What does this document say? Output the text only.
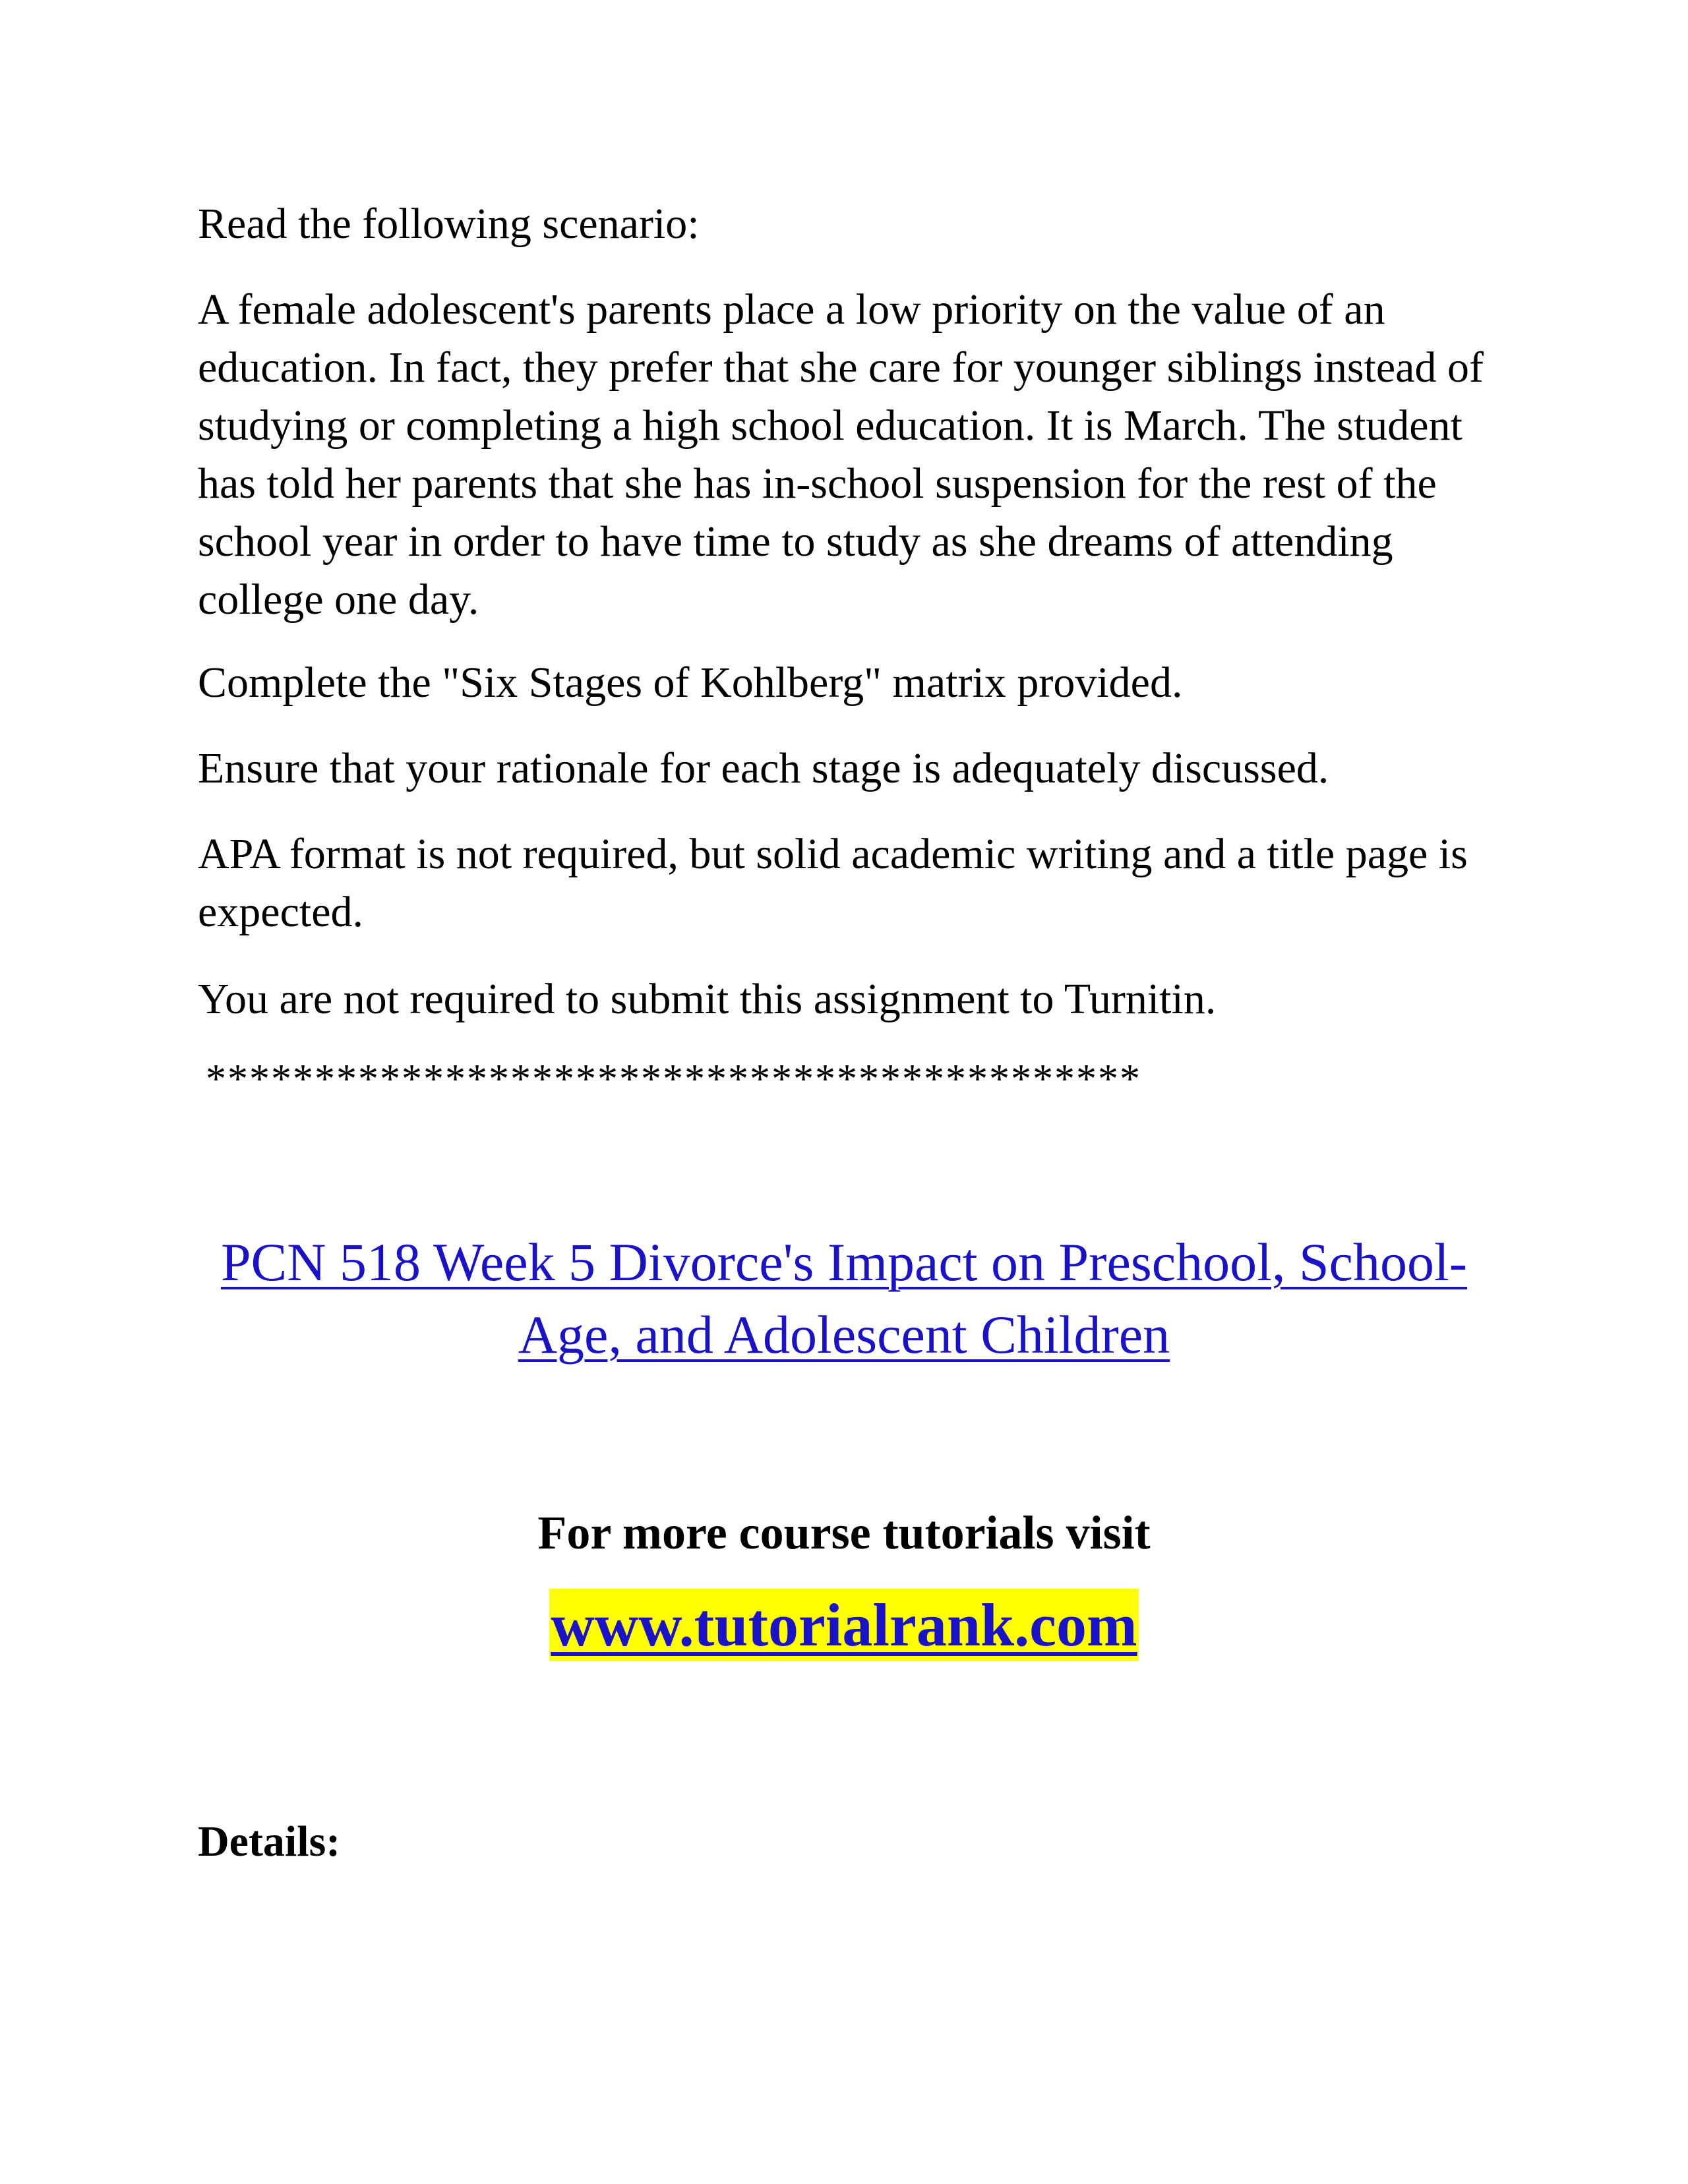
Read the following scenario:

A female adolescent's parents place a low priority on the value of an education. In fact, they prefer that she care for younger siblings instead of studying or completing a high school education. It is March. The student has told her parents that she has in-school suspension for the rest of the school year in order to have time to study as she dreams of attending college one day.

Complete the "Six Stages of Kohlberg" matrix provided.

Ensure that your rationale for each stage is adequately discussed.

APA format is not required, but solid academic writing and a title page is expected.

You are not required to submit this assignment to Turnitin.

*******************************************

PCN 518 Week 5 Divorce's Impact on Preschool, School-Age, and Adolescent Children

For more course tutorials visit

www.tutorialrank.com

Details:
